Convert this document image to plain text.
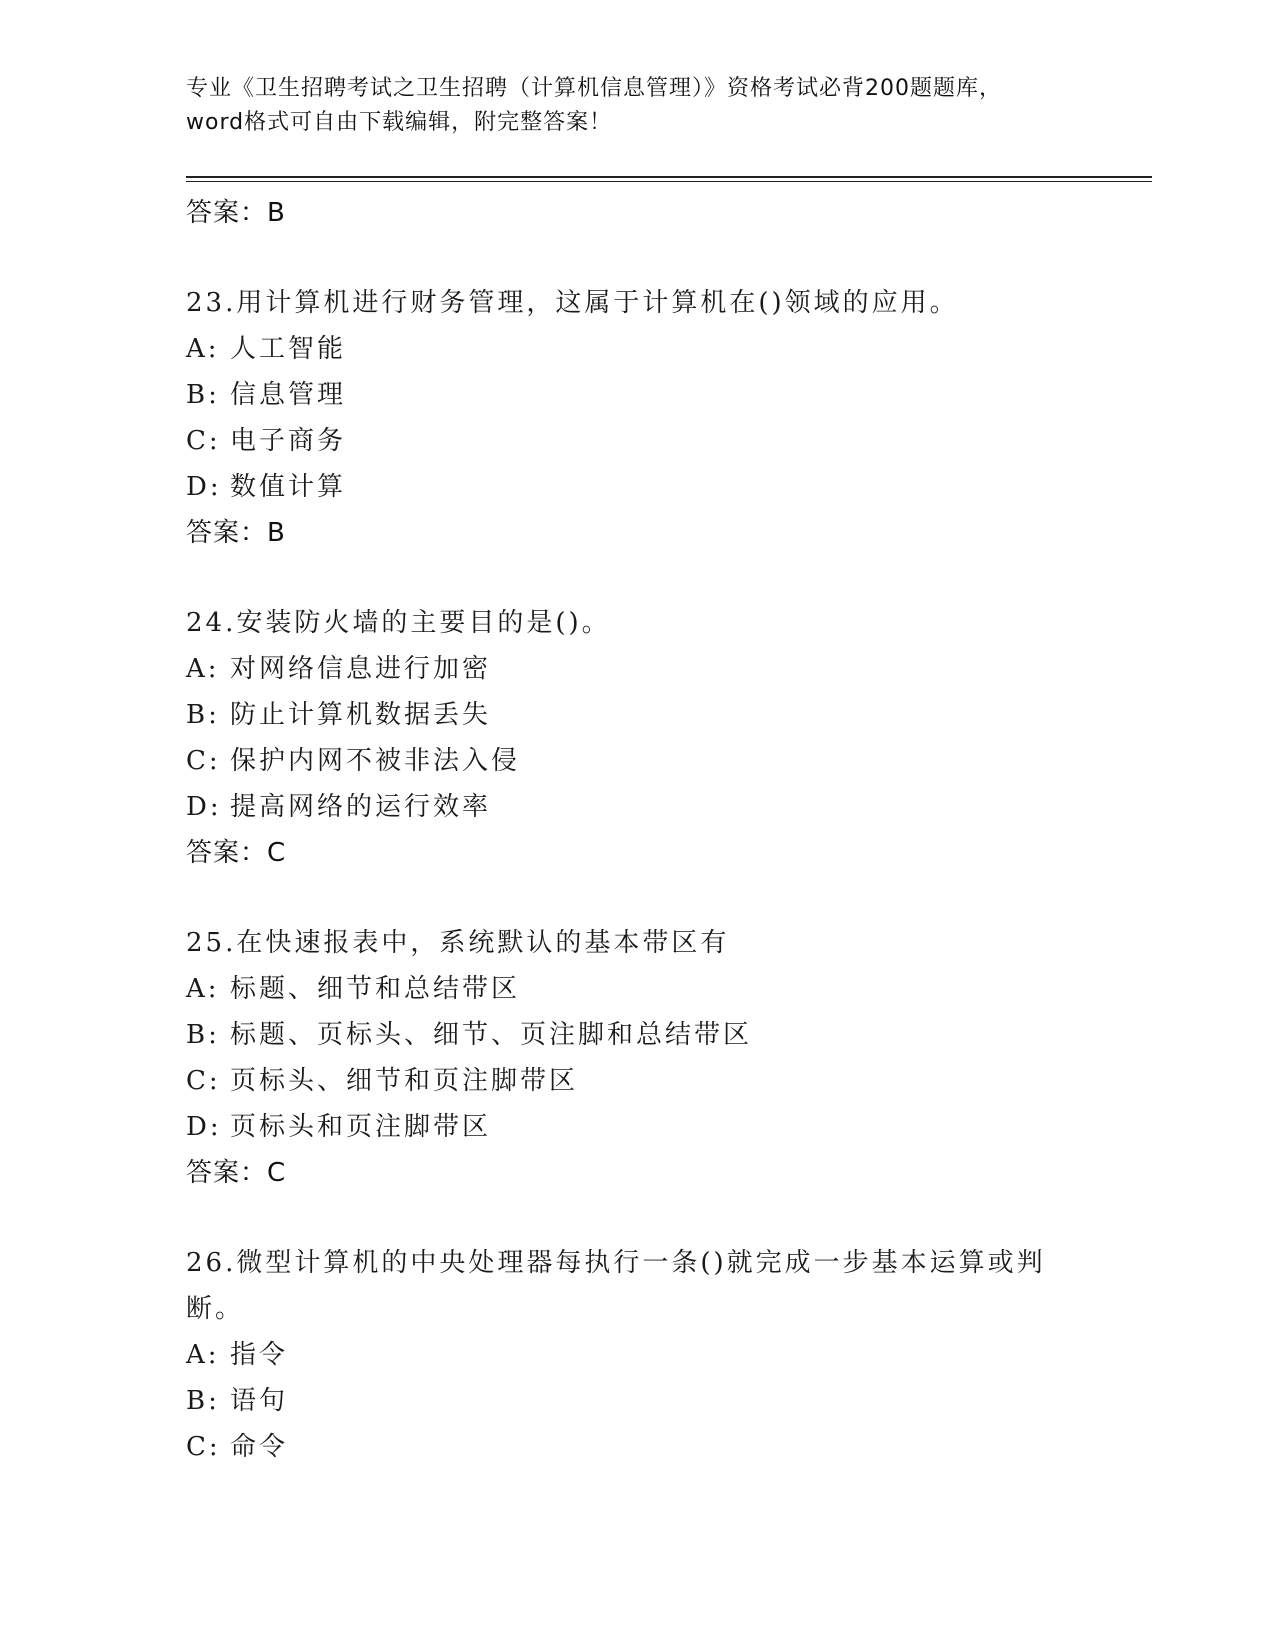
专业《卫生招聘考试之卫生招聘（计算机信息管理）》资格考试必背200题题库，
word格式可自由下载编辑，附完整答案！
答案：B
23.用计算机进行财务管理，这属于计算机在()领域的应用。
A: 人工智能
B: 信息管理
C: 电子商务
D: 数值计算
答案：B
24.安装防火墙的主要目的是()。
A: 对网络信息进行加密
B: 防止计算机数据丢失
C: 保护内网不被非法入侵
D: 提高网络的运行效率
答案：C
25.在快速报表中，系统默认的基本带区有
A: 标题、细节和总结带区
B: 标题、页标头、细节、页注脚和总结带区
C: 页标头、细节和页注脚带区
D: 页标头和页注脚带区
答案：C
26.微型计算机的中央处理器每执行一条()就完成一步基本运算或判断。
A: 指令
B: 语句
C: 命令
